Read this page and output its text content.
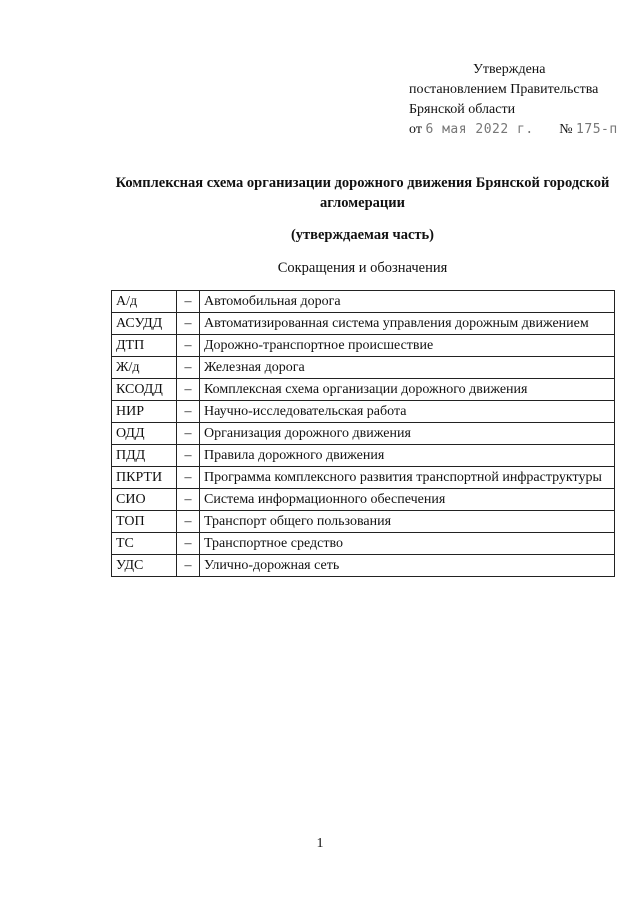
Утверждена
постановлением Правительства
Брянской области
от 6 мая 2022 г. № 175-п
Комплексная схема организации дорожного движения Брянской городской агломерации
(утверждаемая часть)
Сокращения и обозначения
А/д	–	Автомобильная дорога
АСУДД	–	Автоматизированная система управления дорожным движением
ДТП	–	Дорожно-транспортное происшествие
Ж/д	–	Железная дорога
КСОДД	–	Комплексная схема организации дорожного движения
НИР	–	Научно-исследовательская работа
ОДД	–	Организация дорожного движения
ПДД	–	Правила дорожного движения
ПКРТИ	–	Программа комплексного развития транспортной инфраструктуры
СИО	–	Система информационного обеспечения
ТОП	–	Транспорт общего пользования
ТС	–	Транспортное средство
УДС	–	Улично-дорожная сеть
1
